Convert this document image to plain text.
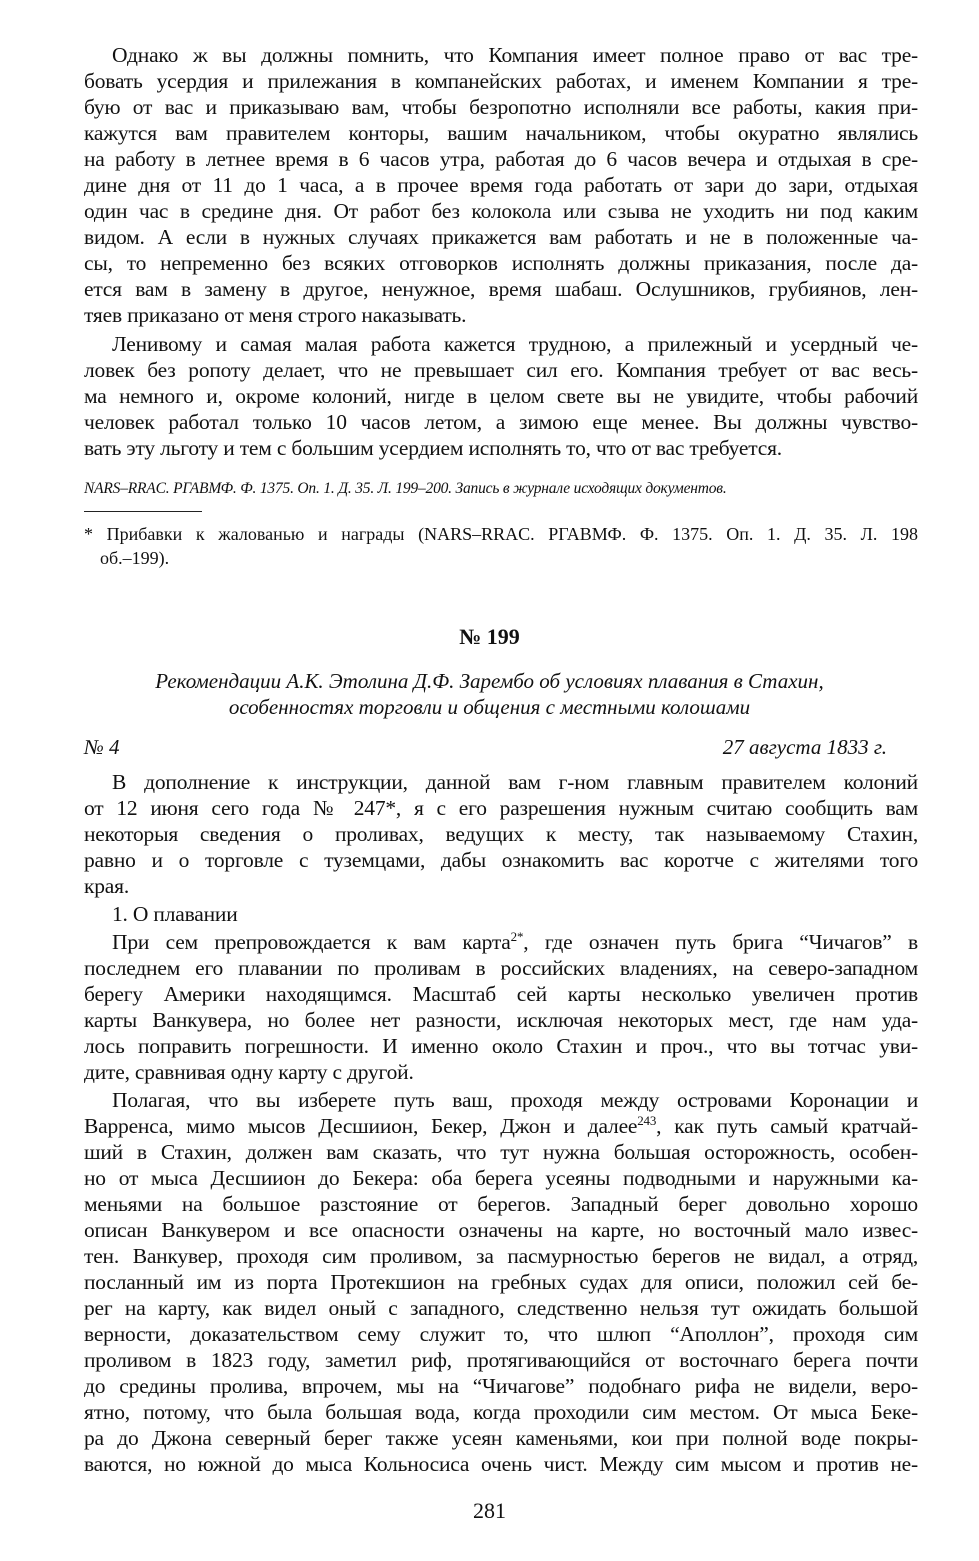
Однако ж вы должны помнить, что Компания имеет полное право от вас тре-
бовать усердия и прилежания в компанейских работах, и именем Компании я тре-
бую от вас и приказываю вам, чтобы безропотно исполняли все работы, какия при-
кажутся вам правителем конторы, вашим начальником, чтобы окуратно являлись
на работу в летнее время в 6 часов утра, работая до 6 часов вечера и отдыхая в сре-
дине дня от 11 до 1 часа, а в прочее время года работать от зари до зари, отдыхая
один час в средине дня. От работ без колокола или сзыва не уходить ни под каким
видом. А если в нужных случаях прикажется вам работать и не в положенные ча-
сы, то непременно без всяких отговорков исполнять должны приказания, после да-
ется вам в замену в другое, ненужное, время шабаш. Ослушников, грубиянов, лен-
тяев приказано от меня строго наказывать.
Ленивому и самая малая работа кажется трудною, а прилежный и усердный че-
ловек без ропоту делает, что не превышает сил его. Компания требует от вас весь-
ма немного и, окроме колоний, нигде в целом свете вы не увидите, чтобы рабочий
человек работал только 10 часов летом, а зимою еще менее. Вы должны чувство-
вать эту льготу и тем с большим усердием исполнять то, что от вас требуется.
NARS–RRAC. РГАВМФ. Ф. 1375. Оп. 1. Д. 35. Л. 199–200. Запись в журнале исходящих документов.
* Прибавки к жалованью и награды (NARS–RRAC. РГАВМФ. Ф. 1375. Оп. 1. Д. 35. Л. 198
об.–199).
№ 199
Рекомендации А.К. Этолина Д.Ф. Зарембо об условиях плавания в Стахин,
особенностях торговли и общения с местными колошами
№ 4	27 августа 1833 г.
В дополнение к инструкции, данной вам г-ном главным правителем колоний
от 12 июня сего года № 247*, я с его разрешения нужным считаю сообщить вам
некоторыя сведения о проливах, ведущих к месту, так называемому Стахин,
равно и о торговле с туземцами, дабы ознакомить вас коротче с жителями того
края.
1. О плавании
При сем препровождается к вам карта$^{2*}$, где означен путь брига “Чичагов” в
последнем его плавании по проливам в российских владениях, на северо-западном
берегу Америки находящимся. Масштаб сей карты несколько увеличен против
карты Ванкувера, но более нет разности, исключая некоторых мест, где нам уда-
лось поправить погрешности. И именно около Стахин и проч., что вы тотчас уви-
дите, сравнивая одну карту с другой.
Полагая, что вы изберете путь ваш, проходя между островами Коронации и
Варренса, мимо мысов Десшиион, Бекер, Джон и далее$^{243}$, как путь самый кратчай-
ший в Стахин, должен вам сказать, что тут нужна большая осторожность, особен-
но от мыса Десшиион до Бекера: оба берега усеяны подводными и наружными ка-
меньями на большое разстояние от берегов. Западный берег довольно хорошо
описан Ванкувером и все опасности означены на карте, но восточный мало извес-
тен. Ванкувер, проходя сим проливом, за пасмурностью берегов не видал, а отряд,
посланный им из порта Протекшион на гребных судах для описи, положил сей бе-
рег на карту, как видел оный с западного, следственно нельзя тут ожидать большой
верности, доказательством сему служит то, что шлюп “Аполлон”, проходя сим
проливом в 1823 году, заметил риф, протягивающийся от восточнаго берега почти
до средины пролива, впрочем, мы на “Чичагове” подобнаго рифа не видели, веро-
ятно, потому, что была большая вода, когда проходили сим местом. От мыса Беке-
ра до Джона северный берег также усеян каменьями, кои при полной воде покры-
ваются, но южной до мыса Кольносиса очень чист. Между сим мысом и против не-
281
